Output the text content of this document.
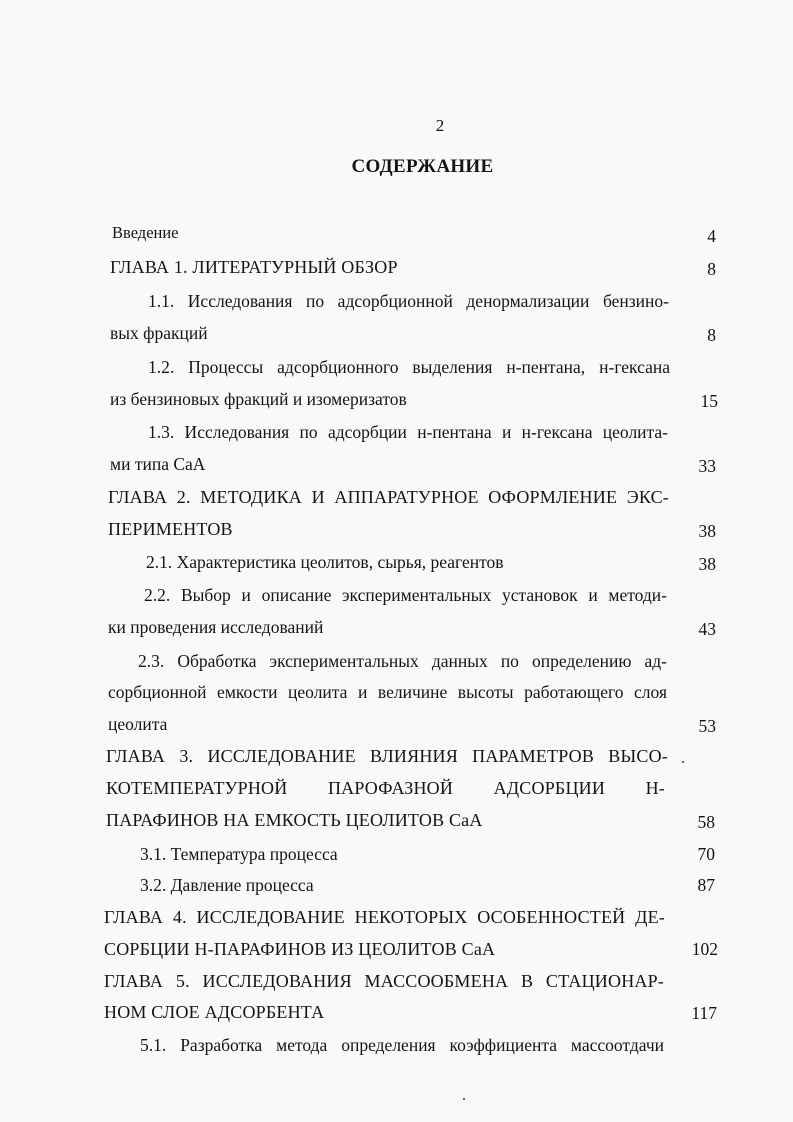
2
СОДЕРЖАНИЕ
Введение	4
ГЛАВА 1. ЛИТЕРАТУРНЫЙ ОБЗОР	8
1.1. Исследования по адсорбционной денормализации бензино-
вых фракций	8
1.2. Процессы адсорбционного выделения н-пентана, н-гексана
из бензиновых фракций и изомеризатов	15
1.3. Исследования по адсорбции н-пентана и н-гексана цеолита-
ми типа СаА	33
ГЛАВА 2. МЕТОДИКА И АППАРАТУРНОЕ ОФОРМЛЕНИЕ ЭКС-
ПЕРИМЕНТОВ	38
2.1. Характеристика цеолитов, сырья, реагентов	38
2.2. Выбор и описание экспериментальных установок и методи-
ки проведения исследований	43
2.3. Обработка экспериментальных данных по определению ад-
сорбционной емкости цеолита и величине высоты работающего слоя
цеолита	53
ГЛАВА 3. ИССЛЕДОВАНИЕ ВЛИЯНИЯ ПАРАМЕТРОВ ВЫСО-
КОТЕМПЕРАТУРНОЙ ПАРОФАЗНОЙ АДСОРБЦИИ Н-
ПАРАФИНОВ НА ЕМКОСТЬ ЦЕОЛИТОВ СаА	58
3.1. Температура процесса	70
3.2. Давление процесса	87
ГЛАВА 4. ИССЛЕДОВАНИЕ НЕКОТОРЫХ ОСОБЕННОСТЕЙ ДЕ-
СОРБЦИИ Н-ПАРАФИНОВ ИЗ ЦЕОЛИТОВ СаА	102
ГЛАВА 5. ИССЛЕДОВАНИЯ МАССООБМЕНА В СТАЦИОНАР-
НОМ СЛОЕ АДСОРБЕНТА	117
5.1. Разработка метода определения коэффициента массоотдачи
